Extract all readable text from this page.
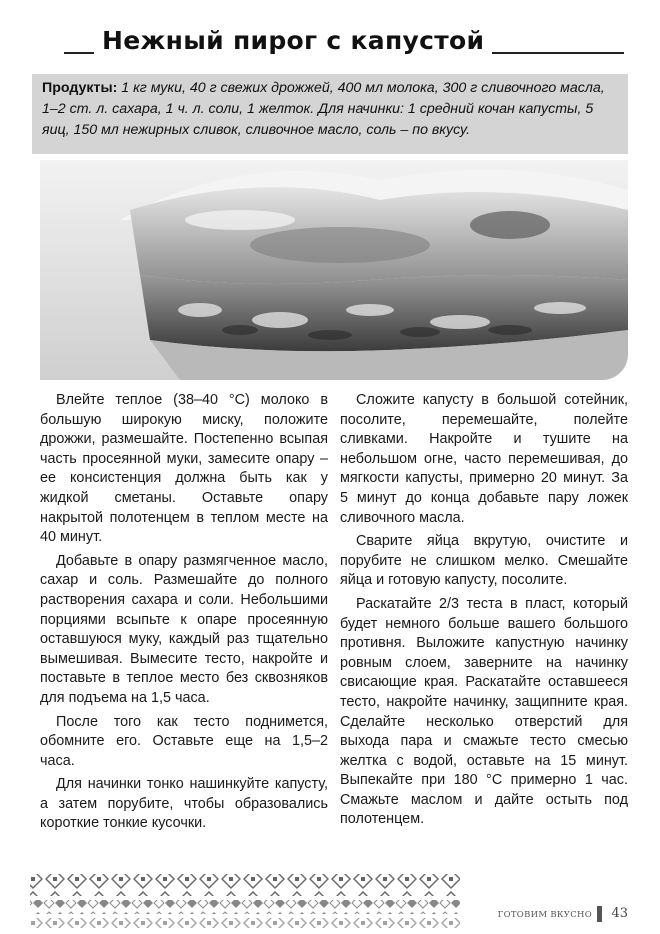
Нежный пирог с капустой
Продукты: 1 кг муки, 40 г свежих дрожжей, 400 мл молока, 300 г сливочного масла, 1–2 ст. л. сахара, 1 ч. л. соли, 1 желток. Для начинки: 1 средний кочан капусты, 5 яиц, 150 мл нежирных сливок, сливочное масло, соль – по вкусу.

Влейте теплое (38–40 °С) молоко в большую широкую миску, положите дрожжи, размешайте. Постепенно всыпая часть просеянной муки, замесите опару – ее консистенция должна быть как у жидкой сметаны. Оставьте опару накрытой полотенцем в теплом месте на 40 минут.

Добавьте в опару размягченное масло, сахар и соль. Размешайте до полного растворения сахара и соли. Небольшими порциями всыпьте к опаре просеянную оставшуюся муку, каждый раз тщательно вымешивая. Вымесите тесто, накройте и поставьте в теплое место без сквозняков для подъема на 1,5 часа.

После того как тесто поднимется, обомните его. Оставьте еще на 1,5–2 часа.

Для начинки тонко нашинкуйте капусту, а затем порубите, чтобы образовались короткие тонкие кусочки.

Сложите капусту в большой сотейник, посолите, перемешайте, полейте сливками. Накройте и тушите на небольшом огне, часто перемешивая, до мягкости капусты, примерно 20 минут. За 5 минут до конца добавьте пару ложек сливочного масла.

Сварите яйца вкрутую, очистите и порубите не слишком мелко. Смешайте яйца и готовую капусту, посолите.

Раскатайте 2/3 теста в пласт, который будет немного больше вашего большого противня. Выложите капустную начинку ровным слоем, заверните на начинку свисающие края. Раскатайте оставшееся тесто, накройте начинку, защипните края. Сделайте несколько отверстий для выхода пара и смажьте тесто смесью желтка с водой, оставьте на 15 минут. Выпекайте при 180 °С примерно 1 час. Смажьте маслом и дайте остыть под полотенцем.

ГОТОВИМ ВКУСНО 43
